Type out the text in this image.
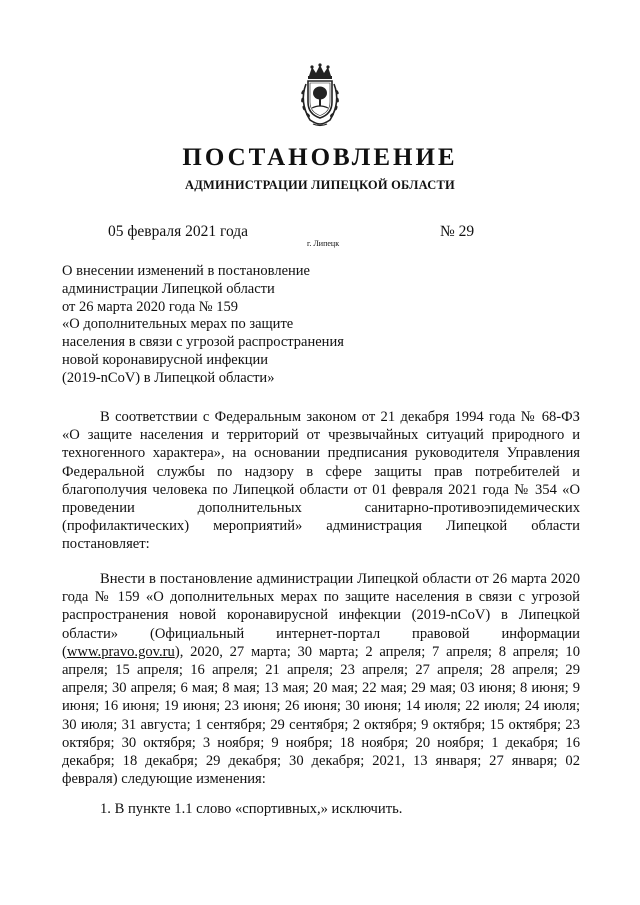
ПОСТАНОВЛЕНИЕ
АДМИНИСТРАЦИИ ЛИПЕЦКОЙ ОБЛАСТИ
05 февраля 2021 года
г. Липецк
№ 29
О внесении изменений в постановление
администрации Липецкой области
от 26 марта 2020 года № 159
«О дополнительных мерах по защите
населения в связи с угрозой распространения
новой коронавирусной инфекции
(2019-nCoV) в Липецкой области»

В соответствии с Федеральным законом от 21 декабря 1994 года № 68-ФЗ «О защите населения и территорий от чрезвычайных ситуаций природного и техногенного характера», на основании предписания руководителя Управления Федеральной службы по надзору в сфере защиты прав потребителей и благополучия человека по Липецкой области от 01 февраля 2021 года № 354 «О проведении дополнительных санитарно-противоэпидемических (профилактических) мероприятий» администрация Липецкой области постановляет:

Внести в постановление администрации Липецкой области от 26 марта 2020 года № 159 «О дополнительных мерах по защите населения в связи с угрозой распространения новой коронавирусной инфекции (2019-nCoV) в Липецкой области» (Официальный интернет-портал правовой информации (www.pravo.gov.ru), 2020, 27 марта; 30 марта; 2 апреля; 7 апреля; 8 апреля; 10 апреля; 15 апреля; 16 апреля; 21 апреля; 23 апреля; 27 апреля; 28 апреля; 29 апреля; 30 апреля; 6 мая; 8 мая; 13 мая; 20 мая; 22 мая; 29 мая; 03 июня; 8 июня; 9 июня; 16 июня; 19 июня; 23 июня; 26 июня; 30 июня; 14 июля; 22 июля; 24 июля; 30 июля; 31 августа; 1 сентября; 29 сентября; 2 октября; 9 октября; 15 октября; 23 октября; 30 октября; 3 ноября; 9 ноября; 18 ноября; 20 ноября; 1 декабря; 16 декабря; 18 декабря; 29 декабря; 30 декабря; 2021, 13 января; 27 января; 02 февраля) следующие изменения:

1. В пункте 1.1 слово «спортивных,» исключить.
